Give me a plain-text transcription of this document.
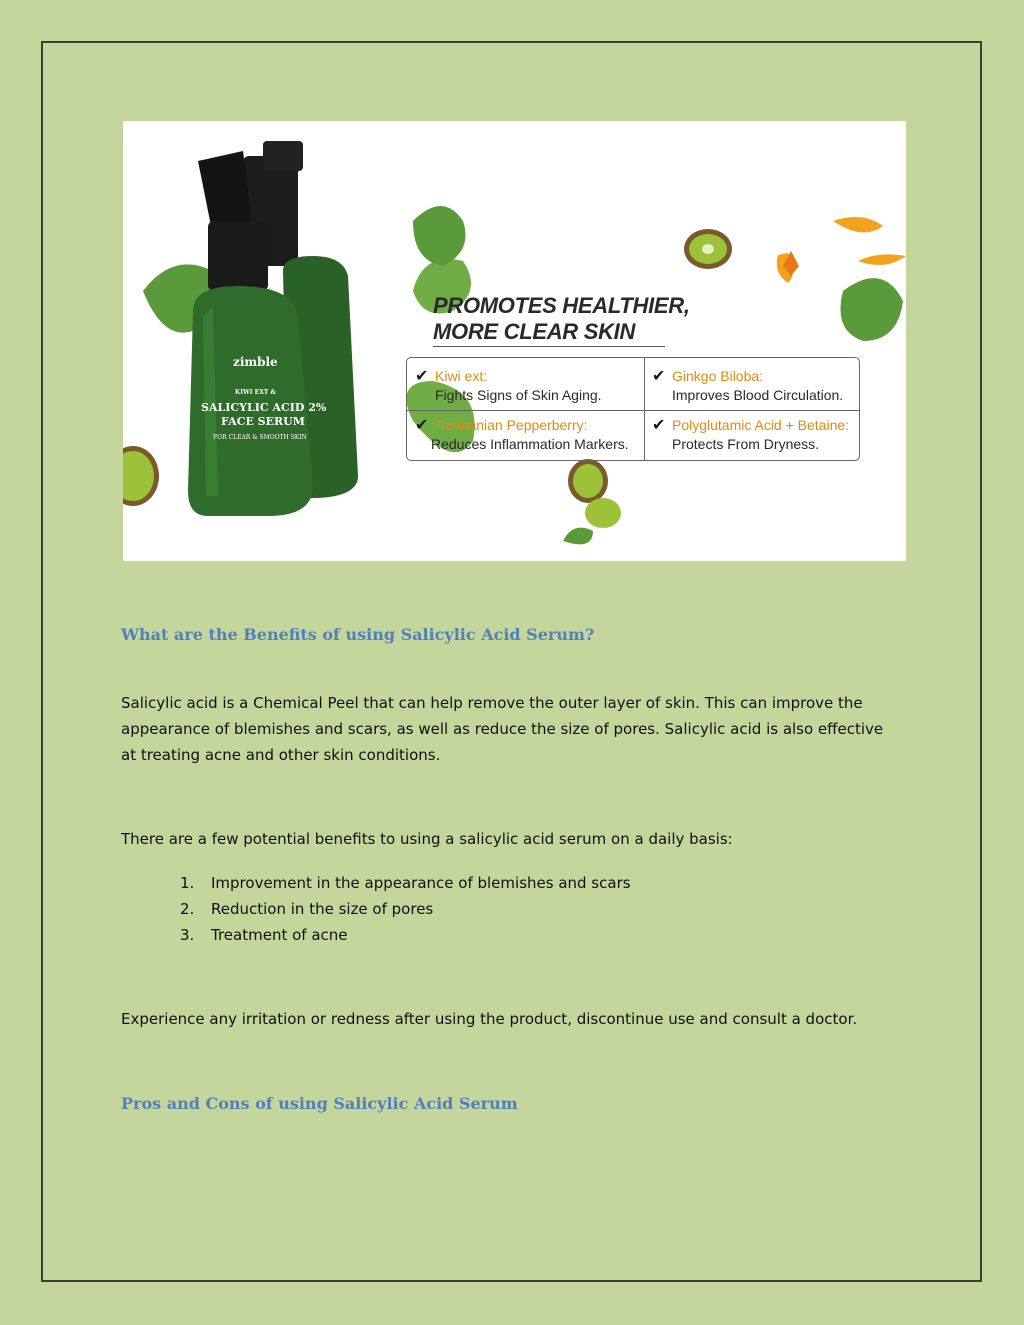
zimble
KIWI EXT &
SALICYLIC ACID 2%
FACE SERUM
FOR CLEAR & SMOOTH SKIN
PROMOTES HEALTHIER,
MORE CLEAR SKIN
✔ Kiwi ext:
Fights Signs of Skin Aging.
✔ Ginkgo Biloba:
Improves Blood Circulation.
✔ Tasmanian Pepperberry:
Reduces Inflammation Markers.
✔ Polyglutamic Acid + Betaine:
Protects From Dryness.
What are the Benefits of using Salicylic Acid Serum?

Salicylic acid is a Chemical Peel that can help remove the outer layer of skin. This can improve the appearance of blemishes and scars, as well as reduce the size of pores. Salicylic acid is also effective at treating acne and other skin conditions.

There are a few potential benefits to using a salicylic acid serum on a daily basis:

1. Improvement in the appearance of blemishes and scars
2. Reduction in the size of pores
3. Treatment of acne

Experience any irritation or redness after using the product, discontinue use and consult a doctor.

Pros and Cons of using Salicylic Acid Serum
